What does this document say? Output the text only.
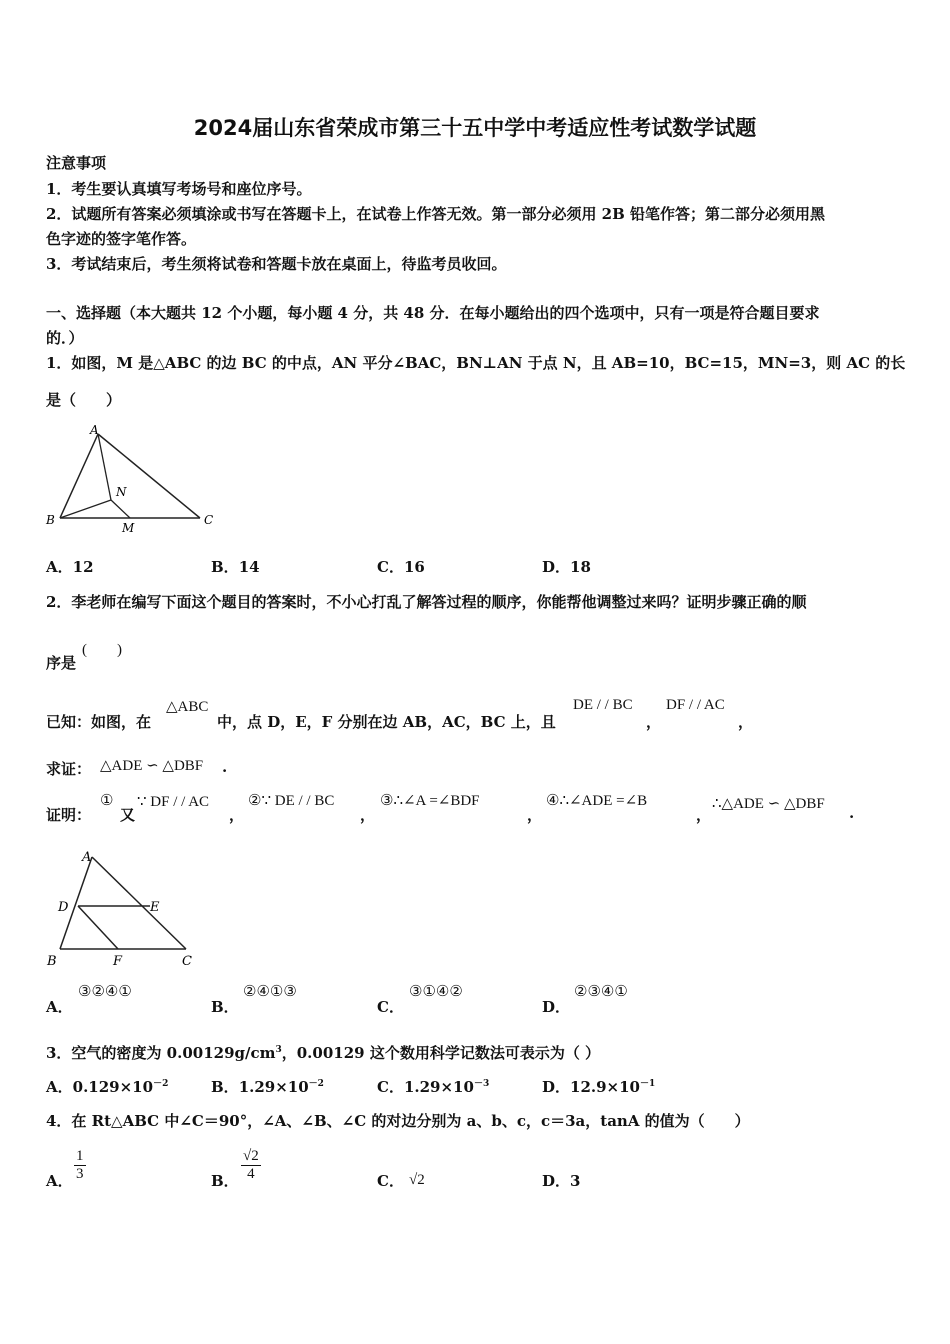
2024届山东省荣成市第三十五中学中考适应性考试数学试题
注意事项
1．考生要认真填写考场号和座位序号。
2．试题所有答案必须填涂或书写在答题卡上，在试卷上作答无效。第一部分必须用 2B 铅笔作答；第二部分必须用黑
色字迹的签字笔作答。
3．考试结束后，考生须将试卷和答题卡放在桌面上，待监考员收回。
一、选择题（本大题共 12 个小题，每小题 4 分，共 48 分．在每小题给出的四个选项中，只有一项是符合题目要求
的．）
1．如图，M 是△ABC 的边 BC 的中点，AN 平分∠BAC，BN⊥AN 于点 N，且 AB=10，BC=15，MN=3，则 AC 的长
是（　　）
A
N
B
M
C
A．12	B．14	C．16	D．18
2．李老师在编写下面这个题目的答案时，不小心打乱了解答过程的顺序，你能帮他调整过来吗？证明步骤正确的顺
序是
(　　)
已知：如图，在
△ABC
中，点 D，E，F 分别在边 AB，AC，BC 上，且
DE / / BC
，
DF / / AC
，
求证： △ADE ∽ △DBF .
证明：
①
又
∵ DF / / AC
，
②∵ DE / / BC
，
③∴∠A =∠BDF
，
④∴∠ADE =∠B
，
∴△ADE ∽ △DBF .
A
D	E
B	F	C
A．
③②④①
B．
②④①③
C．
③①④②
D．
②③④①
3．空气的密度为 $0.00129g/cm^3$，0.00129 这个数用科学记数法可表示为（ ）
A．$0.129\times 10^{-2}$	B．$1.29\times 10^{-2}$	C．$1.29\times 10^{-3}$	D．$12.9\times 10^{-1}$
4．在 Rt△ABC 中∠C＝90°，∠A、∠B、∠C 的对边分别为 a、b、c，c＝3a，tanA 的值为（　　）
A． $\frac{1}{3}$	B． $\frac{√2}{4}$	C． √2	D．3
